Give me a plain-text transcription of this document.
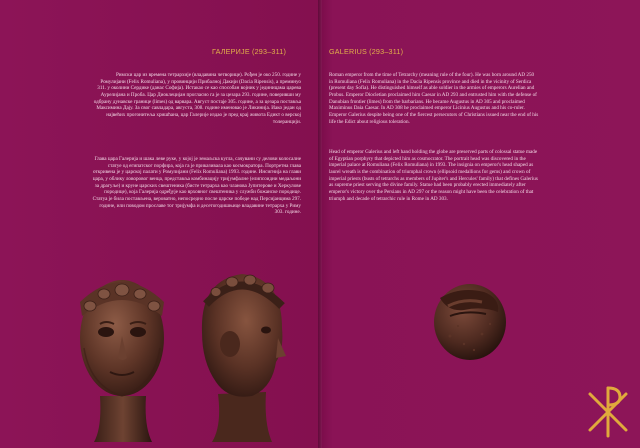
ГАЛЕРИЈЕ (293–311)	GALERIUS (293–311)

Римски цар из времена тетрархије (владавина четворице). Рођен је око 250. године у Ромулијани (Felix Romuliana), у провинцији Прибалној Дакији (Dacia Ripensis), а преминуо 311. у околини Сердике (данас Софија). Истакао се као способан војник у јединицама царева Аурелијана и Проба. Цар Диоклецијан прогласио га је за цезара 293. године, поверивши му одбрану дунавске границе (limes) од варвара. Август постаје 305. године, а за цезара поставља Максимина Дају. За свог савладара, августа, 308. године именовао је Ликинија. Иако један од највећих прогонитеља хришћана, цар Галерије издао је пред крај живота Едикт о верској толеранцији.

Глава цара Галерија и шака леве руке, у којој је земаљска кугла, сачувани су делови колосалне статуе од египатског порфира, која га је приказивала као космократора. Портретна глава откривена је у царској палати у Ромулијани (Felix Romuliana) 1993. године. Инсигнија на глави цара, у облику ловоровог венца, представља комбинацију тријумфалне (елипсоидни медаљони за драгуље) и круне царских свештеника (бисте тетрарха као чланова Јупитерове и Херкулове породице), која Галерија одређује као врховног свештеника у служби божанске породице. Статуа је била постављена, вероватно, непосредно после царске победе над Персијанцима 297. године, или поводом прославе тог тријумфа и десетогодишњице владавине тетрарха у Риму 303. године.

Roman emperor from the time of Tetrarchy (meaning rule of the four). He was born around AD 250 in Romuliana (Felix Romuliana) in the Dacia Ripensis province and died in the vicinity of Serdica (present day Sofia). He distinguished himself as able soldier in the armies of emperors Aurelian and Probus. Emperor Diocletian proclaimed him Caesar in AD 293 and entrusted him with the defense of Danubian frontier (limes) from the barbarians. He became Augustus in AD 305 and proclaimed Maximinus Daia Caesar. In AD 308 he proclaimed emperor Licinius Augustus and his co-ruler. Emperor Galerius despite being one of the fiercest persecutors of Christians issued near the end of his life the Edict about religious toleration.

Head of emperor Galerius and left hand holding the globe are preserved parts of colossal statue made of Egyptian porphyry that depicted him as cosmocrator. The portrait head was discovered in the imperial palace at Romuliana (Felix Romuliana) in 1993. The insignia on emperor's head shaped as laurel wreath is the combination of triumphal crown (ellipsoid medallions for gems) and crown of imperial priests (busts of tetrarchs as members of Jupiter's and Hercules' family) that defines Galerius as supreme priest serving the divine family. Statue had been probably erected immediately after emperor's victory over the Persians in AD 297 or the reason might have been the celebration of that triumph and decade of tetrarchic rule in Rome in AD 303.
